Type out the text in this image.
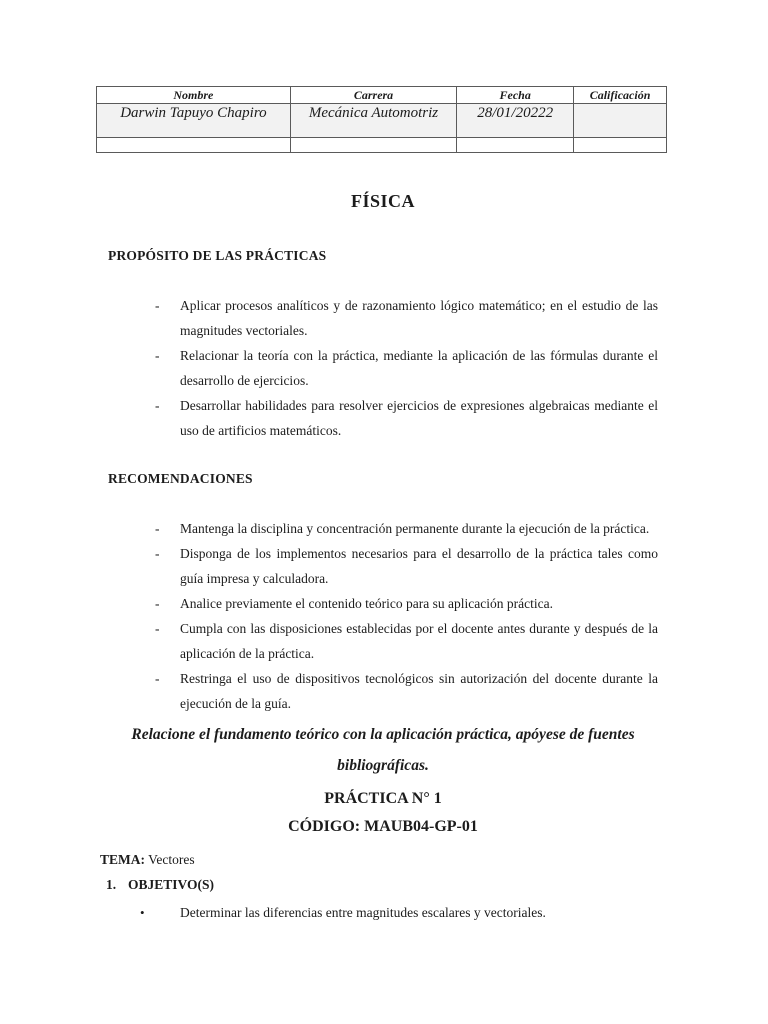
Nombre	Carrera	Fecha	Calificación
Darwin Tapuyo Chapiro	Mecánica Automotriz	28/01/20222	

FÍSICA
PROPÓSITO DE LAS PRÁCTICAS
-	Aplicar procesos analíticos y de razonamiento lógico matemático; en el estudio de las magnitudes vectoriales.
-	Relacionar la teoría con la práctica, mediante la aplicación de las fórmulas durante el desarrollo de ejercicios.
-	Desarrollar habilidades para resolver ejercicios de expresiones algebraicas mediante el uso de artificios matemáticos.
RECOMENDACIONES
-	Mantenga la disciplina y concentración permanente durante la ejecución de la práctica.
-	Disponga de los implementos necesarios para el desarrollo de la práctica tales como guía impresa y calculadora.
-	Analice previamente el contenido teórico para su aplicación práctica.
-	Cumpla con las disposiciones establecidas por el docente antes durante y después de la aplicación de la práctica.
-	Restringa el uso de dispositivos tecnológicos sin autorización del docente durante la ejecución de la guía.

Relacione el fundamento teórico con la aplicación práctica, apóyese de fuentes bibliográficas.

PRÁCTICA N° 1

CÓDIGO: MAUB04-GP-01

TEMA: Vectores

1. OBJETIVO(S)

•	Determinar las diferencias entre magnitudes escalares y vectoriales.
